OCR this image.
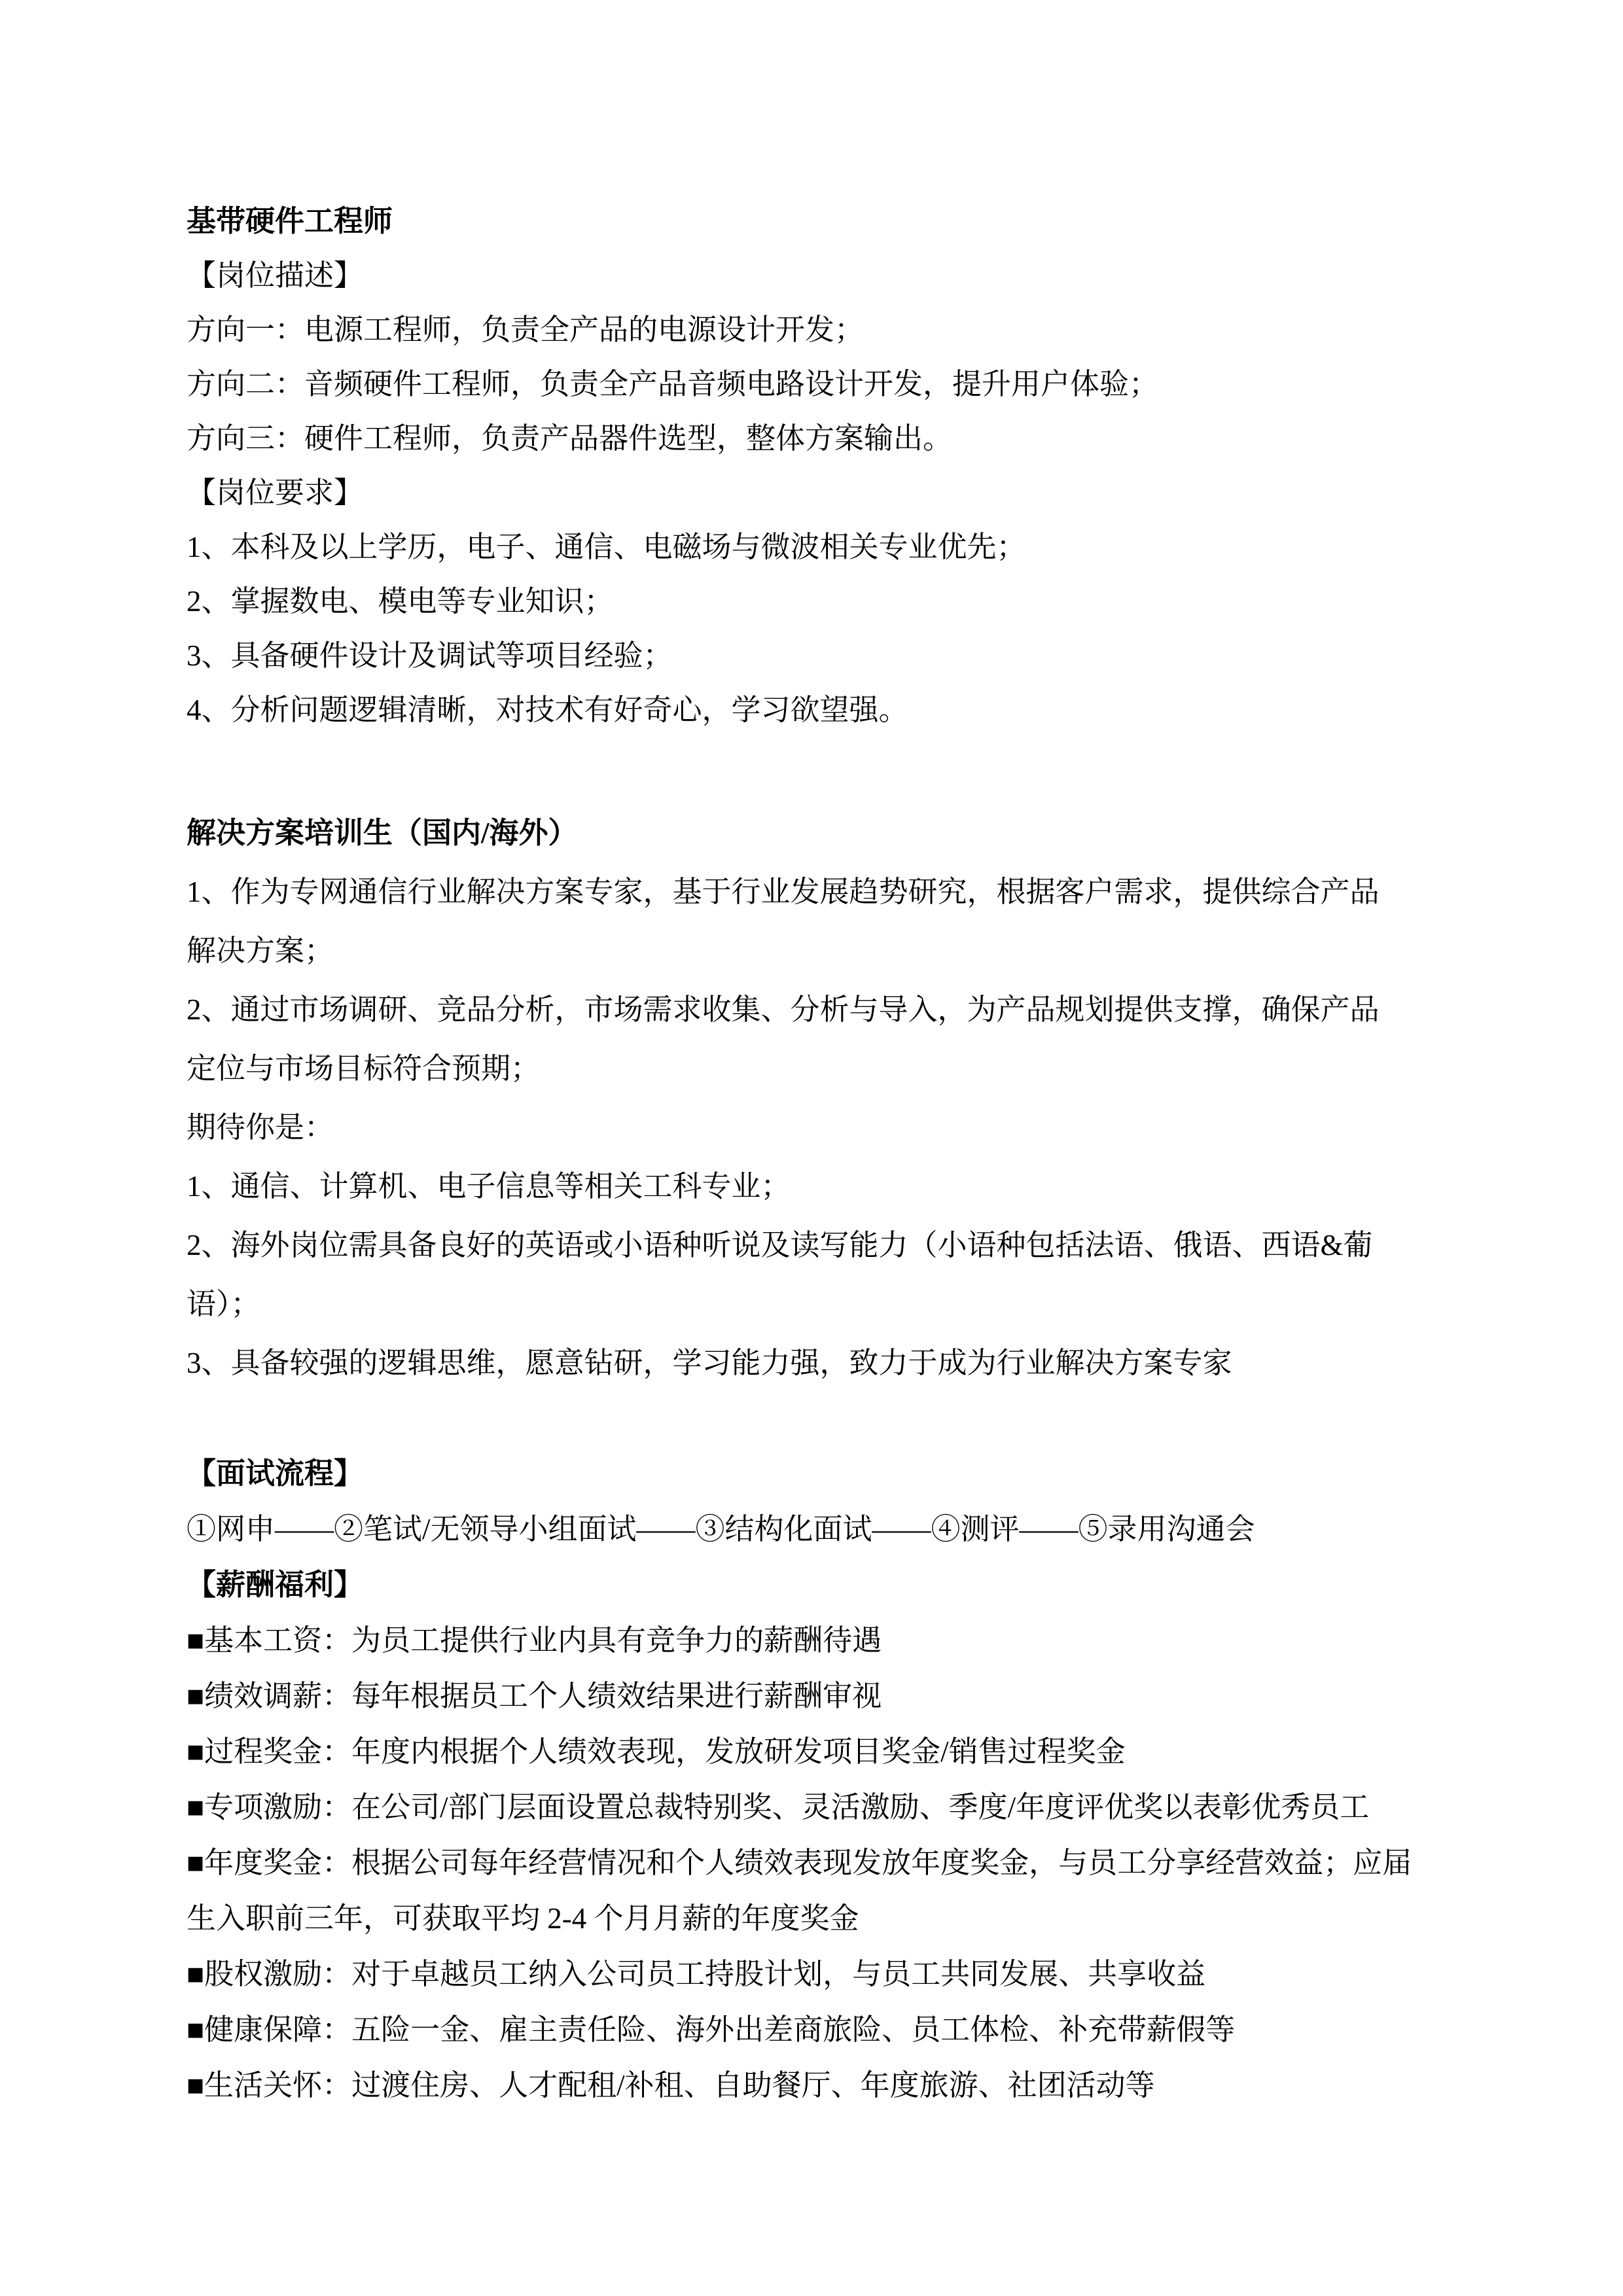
基带硬件工程师

【岗位描述】

方向一：电源工程师，负责全产品的电源设计开发；

方向二：音频硬件工程师，负责全产品音频电路设计开发，提升用户体验；

方向三：硬件工程师，负责产品器件选型，整体方案输出。

【岗位要求】

1、本科及以上学历，电子、通信、电磁场与微波相关专业优先；

2、掌握数电、模电等专业知识；

3、具备硬件设计及调试等项目经验；

4、分析问题逻辑清晰，对技术有好奇心，学习欲望强。

解决方案培训生（国内/海外）

1、作为专网通信行业解决方案专家，基于行业发展趋势研究，根据客户需求，提供综合产品

解决方案；

2、通过市场调研、竞品分析，市场需求收集、分析与导入，为产品规划提供支撑，确保产品

定位与市场目标符合预期；

期待你是：

1、通信、计算机、电子信息等相关工科专业；

2、海外岗位需具备良好的英语或小语种听说及读写能力（小语种包括法语、俄语、西语&葡

语）；

3、具备较强的逻辑思维，愿意钻研，学习能力强，致力于成为行业解决方案专家

【面试流程】

①网申——②笔试/无领导小组面试——③结构化面试——④测评——⑤录用沟通会

【薪酬福利】

■基本工资：为员工提供行业内具有竞争力的薪酬待遇

■绩效调薪：每年根据员工个人绩效结果进行薪酬审视

■过程奖金：年度内根据个人绩效表现，发放研发项目奖金/销售过程奖金

■专项激励：在公司/部门层面设置总裁特别奖、灵活激励、季度/年度评优奖以表彰优秀员工

■年度奖金：根据公司每年经营情况和个人绩效表现发放年度奖金，与员工分享经营效益；应届

生入职前三年，可获取平均 2-4 个月月薪的年度奖金

■股权激励：对于卓越员工纳入公司员工持股计划，与员工共同发展、共享收益

■健康保障：五险一金、雇主责任险、海外出差商旅险、员工体检、补充带薪假等

■生活关怀：过渡住房、人才配租/补租、自助餐厅、年度旅游、社团活动等
